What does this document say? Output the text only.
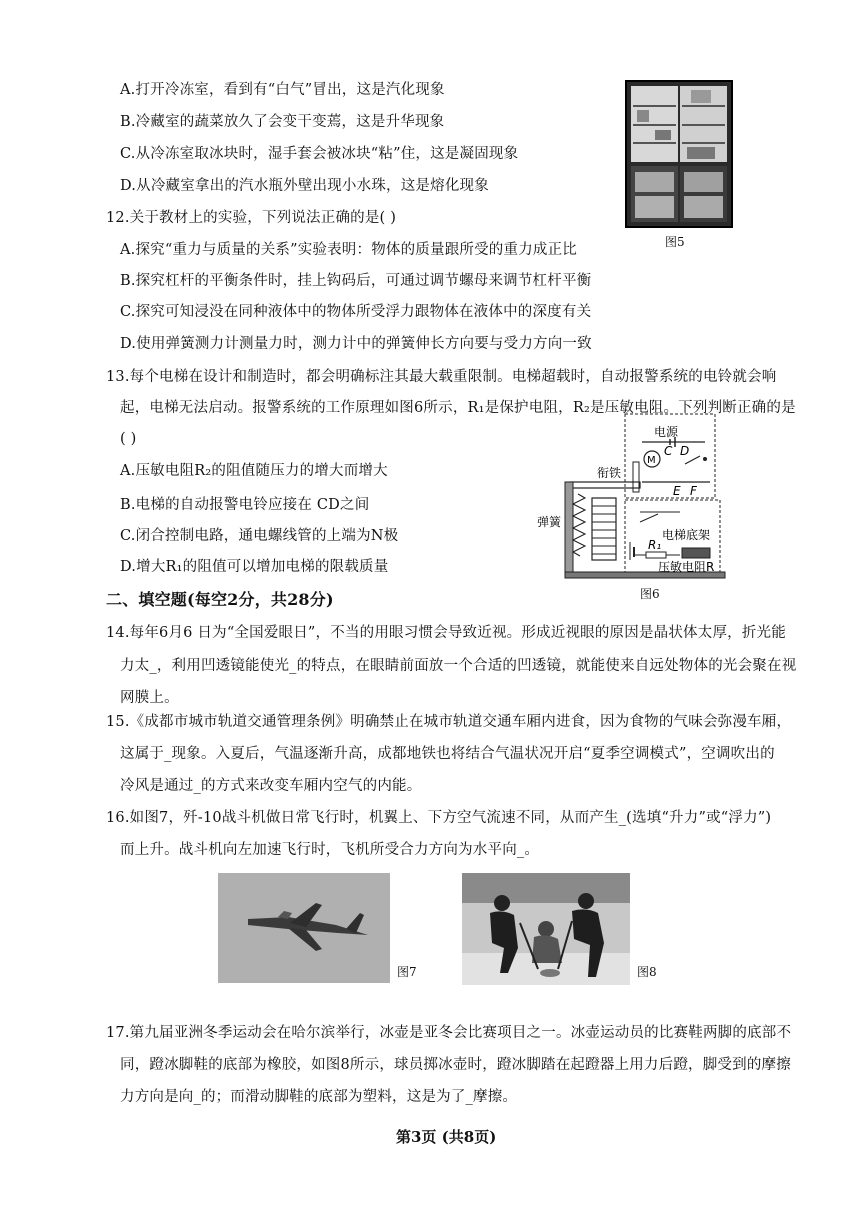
A.打开冷冻室，看到有“白气”冒出，这是汽化现象
B.冷藏室的蔬菜放久了会变干变蔫，这是升华现象
C.从冷冻室取冰块时，湿手套会被冰块“粘”住，这是凝固现象
D.从冷藏室拿出的汽水瓶外壁出现小水珠，这是熔化现象
12.关于教材上的实验，下列说法正确的是( )
A.探究“重力与质量的关系”实验表明：物体的质量跟所受的重力成正比
B.探究杠杆的平衡条件时，挂上钩码后，可通过调节螺母来调节杠杆平衡
C.探究可知浸没在同种液体中的物体所受浮力跟物体在液体中的深度有关
D.使用弹簧测力计测量力时，测力计中的弹簧伸长方向要与受力方向一致
13.每个电梯在设计和制造时，都会明确标注其最大载重限制。电梯超载时，自动报警系统的电铃就会响
起，电梯无法启动。报警系统的工作原理如图6所示，R₁是保护电阻，R₂是压敏电阻。下列判断正确的是
( )
A.压敏电阻R₂的阻值随压力的增大而增大
B.电梯的自动报警电铃应接在 CD之间
C.闭合控制电路，通电螺线管的上端为N极
D.增大R₁的阻值可以增加电梯的限载质量
二、填空题(每空2分，共28分)
14.每年6月6 日为“全国爱眼日”，不当的用眼习惯会导致近视。形成近视眼的原因是晶状体太厚，折光能
力太_，利用凹透镜能使光_的特点，在眼睛前面放一个合适的凹透镜，就能使来自远处物体的光会聚在视
网膜上。
15.《成都市城市轨道交通管理条例》明确禁止在城市轨道交通车厢内进食，因为食物的气味会弥漫车厢，
这属于_现象。入夏后，气温逐渐升高，成都地铁也将结合气温状况开启“夏季空调模式”，空调吹出的
冷风是通过_的方式来改变车厢内空气的内能。
16.如图7，歼-10战斗机做日常飞行时，机翼上、下方空气流速不同，从而产生_(选填“升力”或“浮力”)
而上升。战斗机向左加速飞行时，飞机所受合力方向为水平向_。
17.第九届亚洲冬季运动会在哈尔滨举行，冰壶是亚冬会比赛项目之一。冰壶运动员的比赛鞋两脚的底部不
同，蹬冰脚鞋的底部为橡胶，如图8所示，球员掷冰壶时，蹬冰脚踏在起蹬器上用力后蹬，脚受到的摩擦
力方向是向_的；而滑动脚鞋的底部为塑料，这是为了_摩擦。
第3页 (共8页)
图5
电源
M
C D
E F
衔铁
弹簧
电梯底架
R₁
压敏电阻R
图6
图7	图8
